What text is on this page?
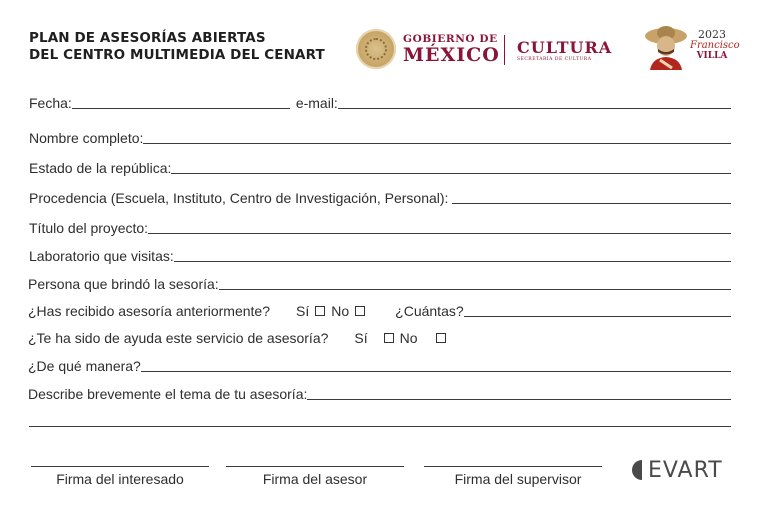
PLAN DE ASESORÍAS ABIERTAS
DEL CENTRO MULTIMEDIA DEL CENART
GOBIERNO DE
MÉXICO CULTURA
SECRETARÍA DE CULTURA
2023
Francisco
VILLA
Fecha:	e-mail:
Nombre completo:
Estado de la república:
Procedencia (Escuela, Instituto, Centro de Investigación, Personal):
Título del proyecto:
Laboratorio que visitas:
Persona que brindó la sesoría:
¿Has recibido asesoría anteriormente? Sí No	¿Cuántas?
¿Te ha sido de ayuda este servicio de asesoría? Sí No
¿De qué manera?
Describe brevemente el tema de tu asesoría:
Firma del interesado	Firma del asesor	Firma del supervisor	EVART
